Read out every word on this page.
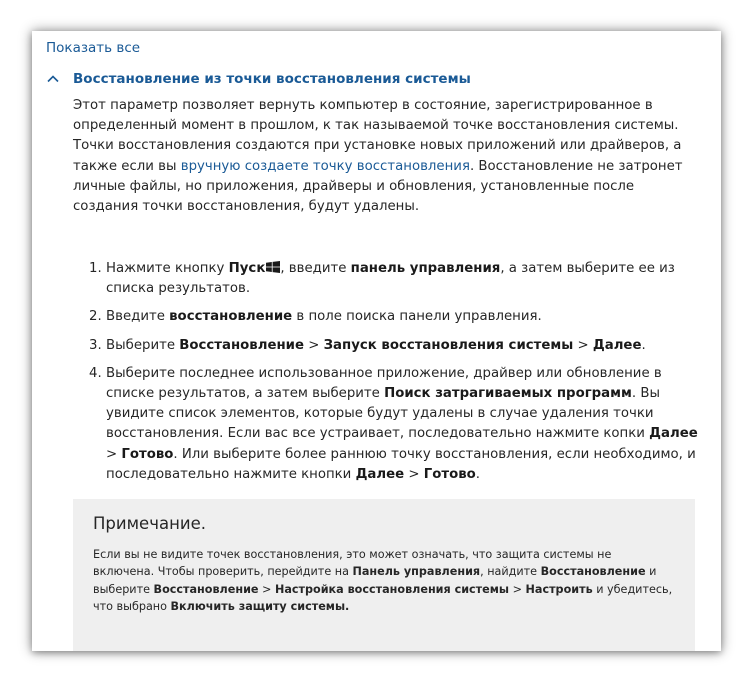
Показать все
Восстановление из точки восстановления системы

Этот параметр позволяет вернуть компьютер в состояние, зарегистрированное в определенный момент в прошлом, к так называемой точке восстановления системы. Точки восстановления создаются при установке новых приложений или драйверов, а также если вы вручную создаете точку восстановления. Восстановление не затронет личные файлы, но приложения, драйверы и обновления, установленные после создания точки восстановления, будут удалены.

1. Нажмите кнопку Пуск , введите панель управления, а затем выберите ее из списка результатов.
2. Введите восстановление в поле поиска панели управления.
3. Выберите Восстановление > Запуск восстановления системы > Далее.
4. Выберите последнее использованное приложение, драйвер или обновление в списке результатов, а затем выберите Поиск затрагиваемых программ. Вы увидите список элементов, которые будут удалены в случае удаления точки восстановления. Если вас все устраивает, последовательно нажмите копки Далее > Готово. Или выберите более раннюю точку восстановления, если необходимо, и последовательно нажмите кнопки Далее > Готово.
Примечание.

Если вы не видите точек восстановления, это может означать, что защита системы не включена. Чтобы проверить, перейдите на Панель управления, найдите Восстановление и выберите Восстановление > Настройка восстановления системы > Настроить и убедитесь, что выбрано Включить защиту системы.
